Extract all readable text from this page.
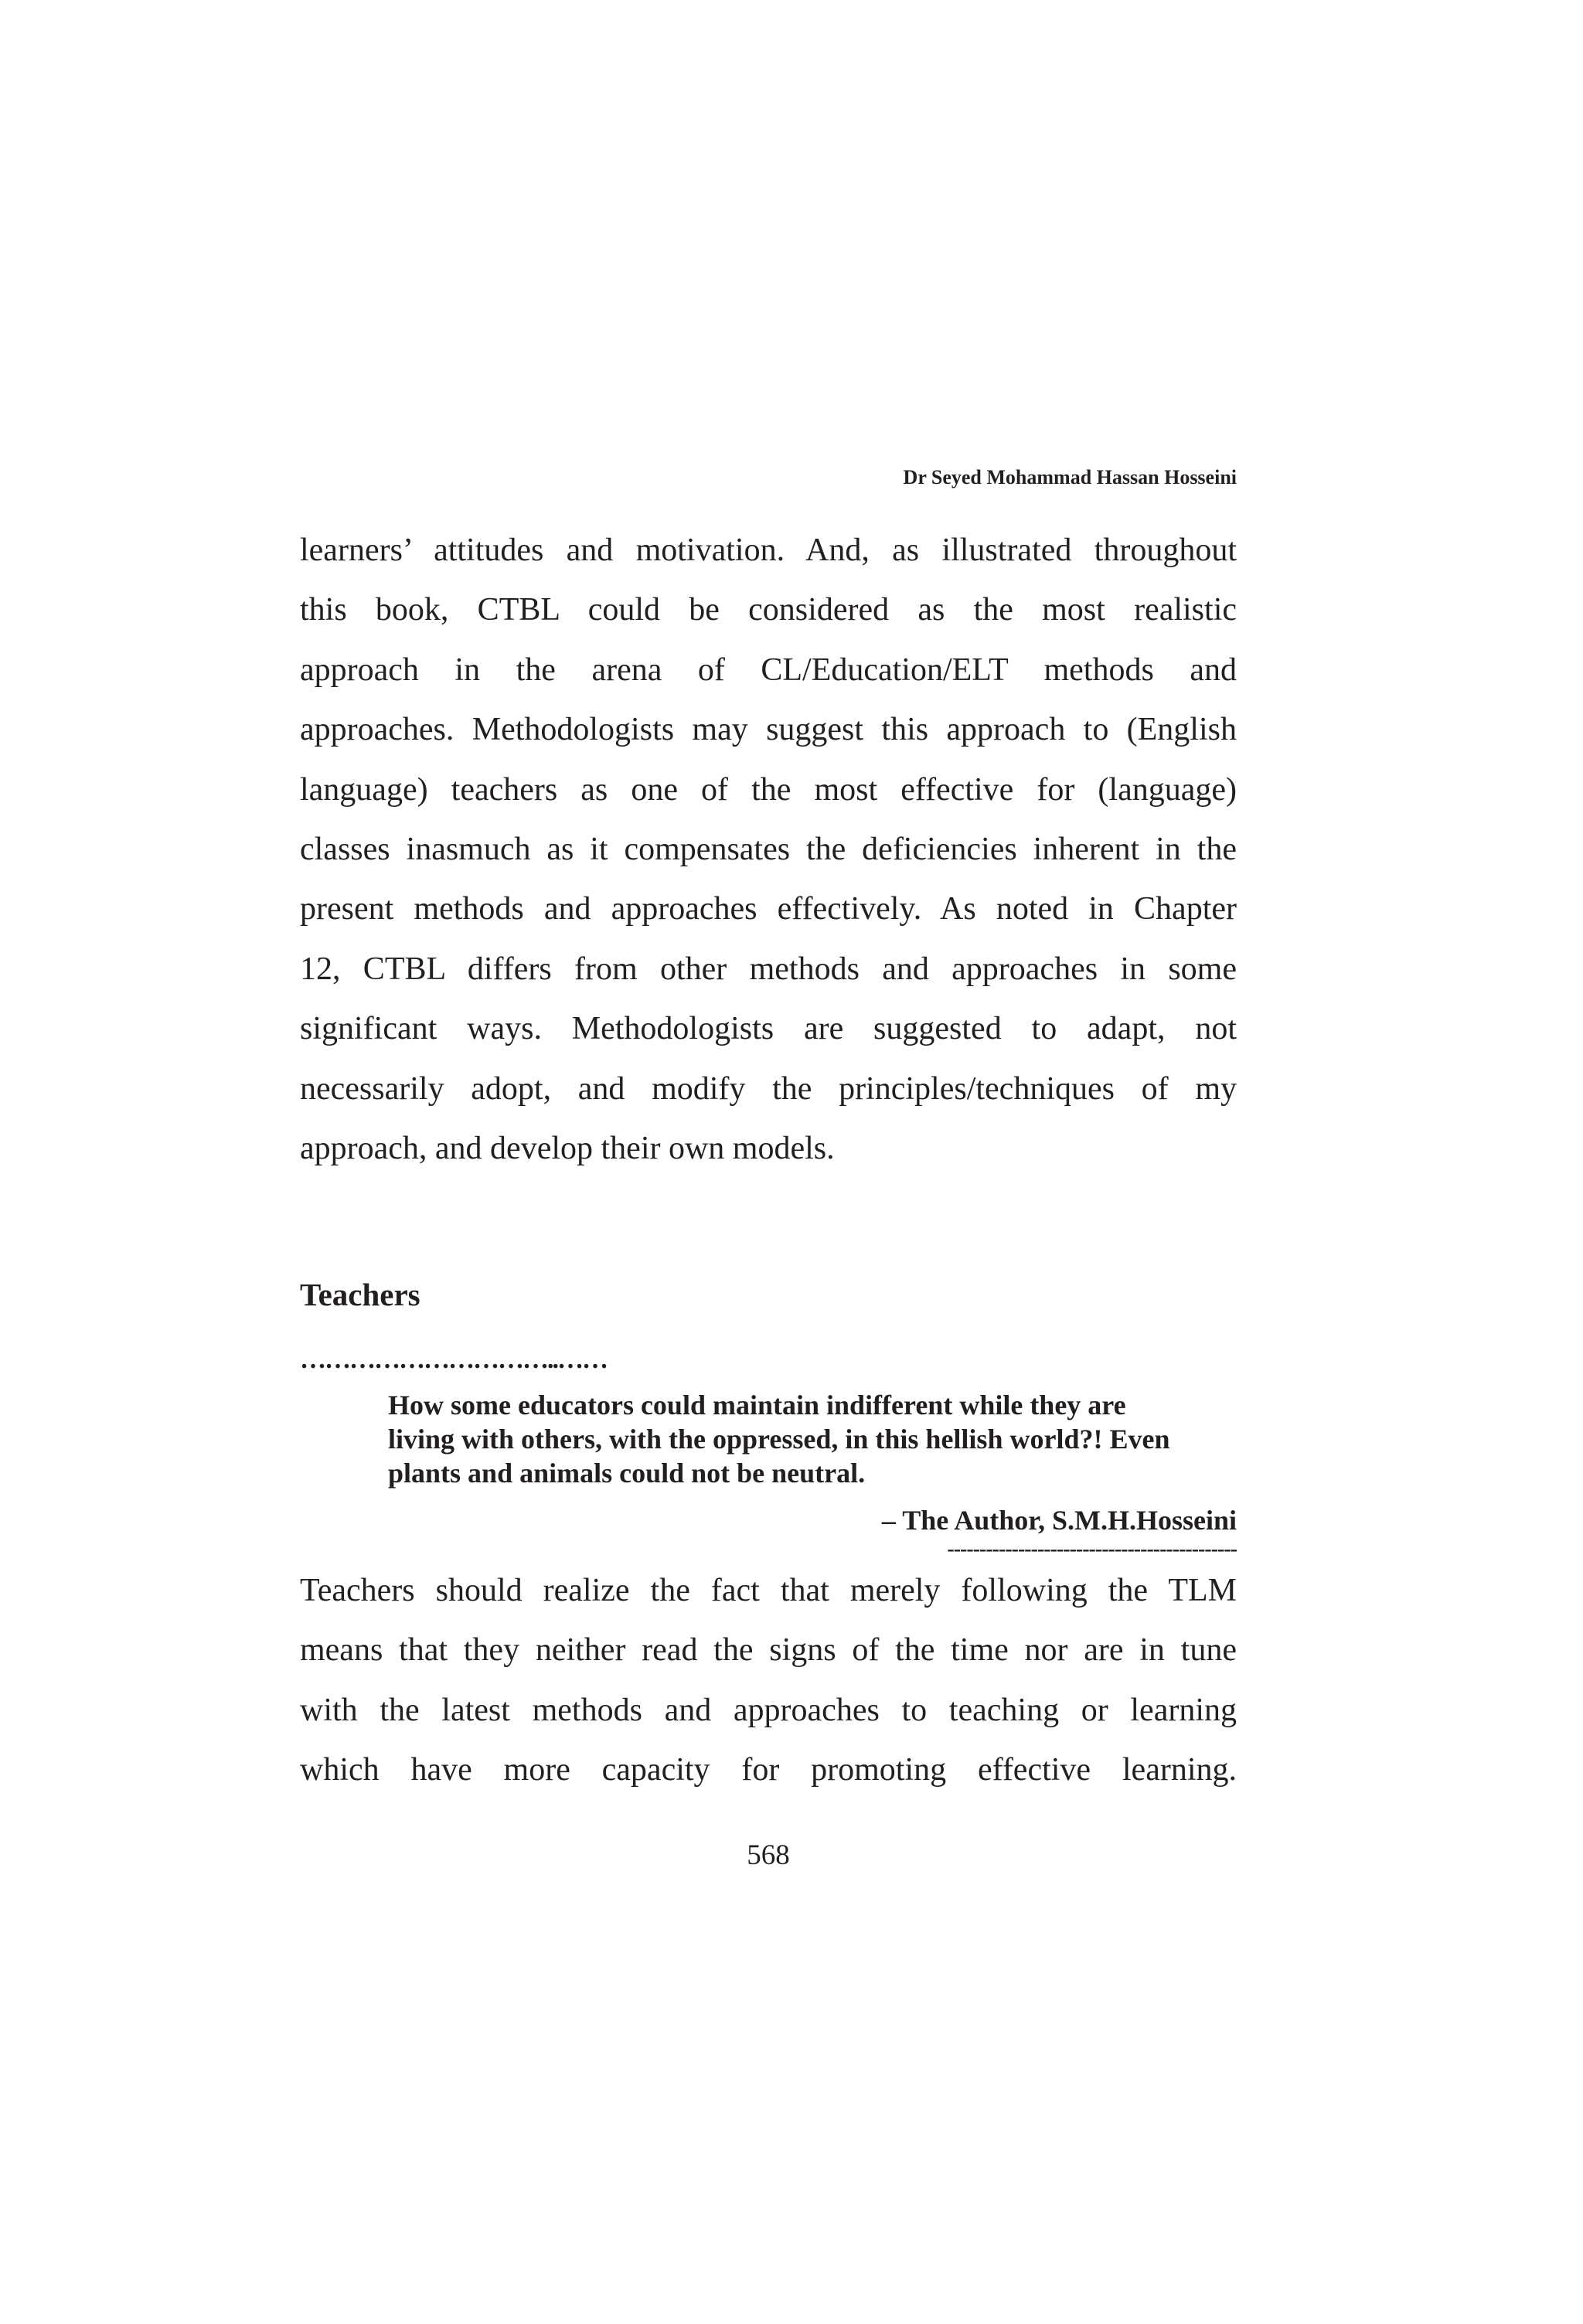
Dr Seyed Mohammad Hassan Hosseini

learners’ attitudes and motivation. And, as illustrated throughout
this book, CTBL could be considered as the most realistic
approach in the arena of CL/Education/ELT methods and
approaches. Methodologists may suggest this approach to (English
language) teachers as one of the most effective for (language)
classes inasmuch as it compensates the deficiencies inherent in the
present methods and approaches effectively. As noted in Chapter
12, CTBL differs from other methods and approaches in some
significant ways. Methodologists are suggested to adapt, not
necessarily adopt, and modify the principles/techniques of my
approach, and develop their own models.

Teachers
…………………………..……
How some educators could maintain indifferent while they are
living with others, with the oppressed, in this hellish world?! Even
plants and animals could not be neutral.
– The Author, S.M.H.Hosseini
---------------------------------------------

Teachers should realize the fact that merely following the TLM
means that they neither read the signs of the time nor are in tune
with the latest methods and approaches to teaching or learning
which have more capacity for promoting effective learning.

568
